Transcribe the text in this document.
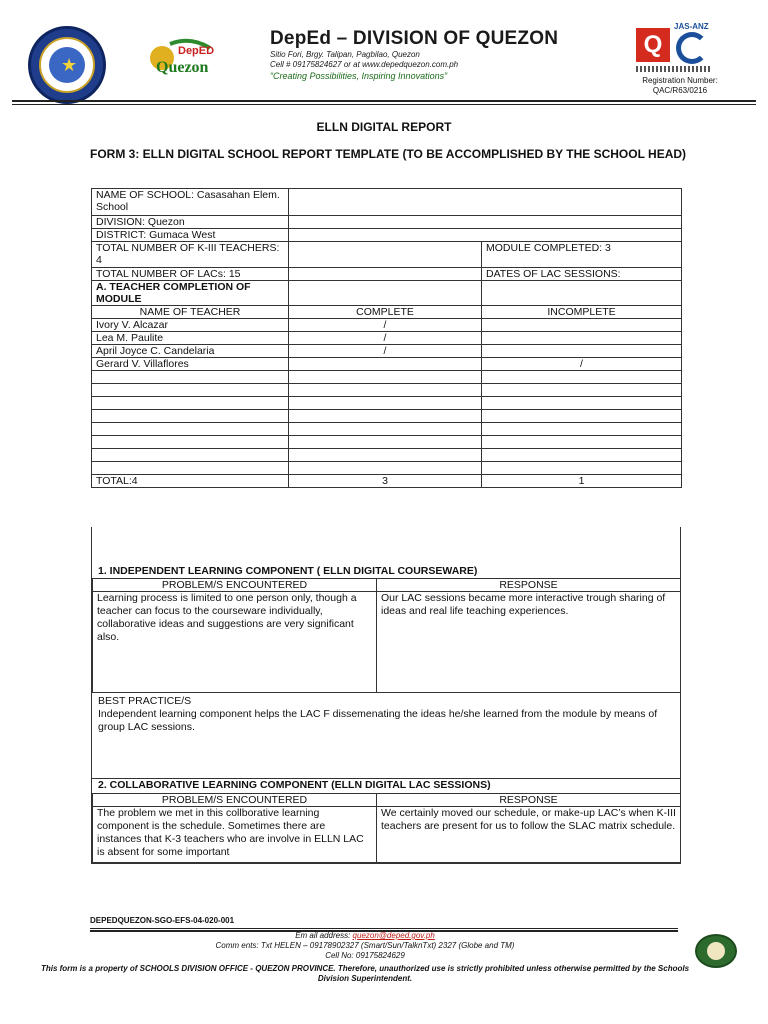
★
DepED
Quezon
DepEd – DIVISION OF QUEZON
Sitio Fori, Brgy. Talipan, Pagbilao, Quezon
Cell # 09175824627 or at www.depedquezon.com.ph
“Creating Possibilities, Inspiring Innovations”
Q
JAS-ANZ
Registration Number:
QAC/R63/0216
ELLN DIGITAL REPORT
FORM 3: ELLN DIGITAL SCHOOL REPORT TEMPLATE (TO BE ACCOMPLISHED BY THE SCHOOL HEAD)
NAME OF SCHOOL: Casasahan Elem. School		
DIVISION: Quezon		
DISTRICT: Gumaca West		
TOTAL NUMBER OF K-III TEACHERS: 4		MODULE COMPLETED: 3
TOTAL NUMBER OF LACs: 15		DATES OF LAC SESSIONS:
A. TEACHER COMPLETION OF MODULE		
NAME OF TEACHER	COMPLETE	INCOMPLETE
Ivory V. Alcazar	/	
Lea M. Paulite	/	
April Joyce C. Candelaria	/	
Gerard V. Villaflores		/

TOTAL:4	3	1
1. INDEPENDENT LEARNING COMPONENT ( ELLN DIGITAL COURSEWARE)
PROBLEM/S ENCOUNTERED	RESPONSE
Learning process is limited to one person only, though a teacher can focus to the courseware individually, collaborative ideas and suggestions are very significant also.	Our LAC sessions became more interactive trough sharing of ideas and real life teaching experiences.
BEST PRACTICE/S
Independent learning component helps the LAC F dissemenating the ideas he/she learned from the module by means of group LAC sessions.
2. COLLABORATIVE LEARNING COMPONENT (ELLN DIGITAL LAC SESSIONS)
PROBLEM/S ENCOUNTERED	RESPONSE
The problem we met in this collborative learning component is the schedule. Sometimes there are instances that K-3 teachers who are involve in ELLN LAC is absent for some important	We certainly moved our schedule, or make-up LAC’s when K-III teachers are present for us to follow the SLAC matrix schedule.
DEPEDQUEZON-SGO-EFS-04-020-001
Em ail address: quezon@deped.gov.ph
Comm ents: Txt HELEN – 09178902327 (Smart/Sun/TalknTxt) 2327 (Globe and TM)
Cell No: 09175824629
This form is a property of SCHOOLS DIVISION OFFICE - QUEZON PROVINCE. Therefore, unauthorized use is strictly prohibited unless otherwise permitted by the Schools Division Superintendent.
